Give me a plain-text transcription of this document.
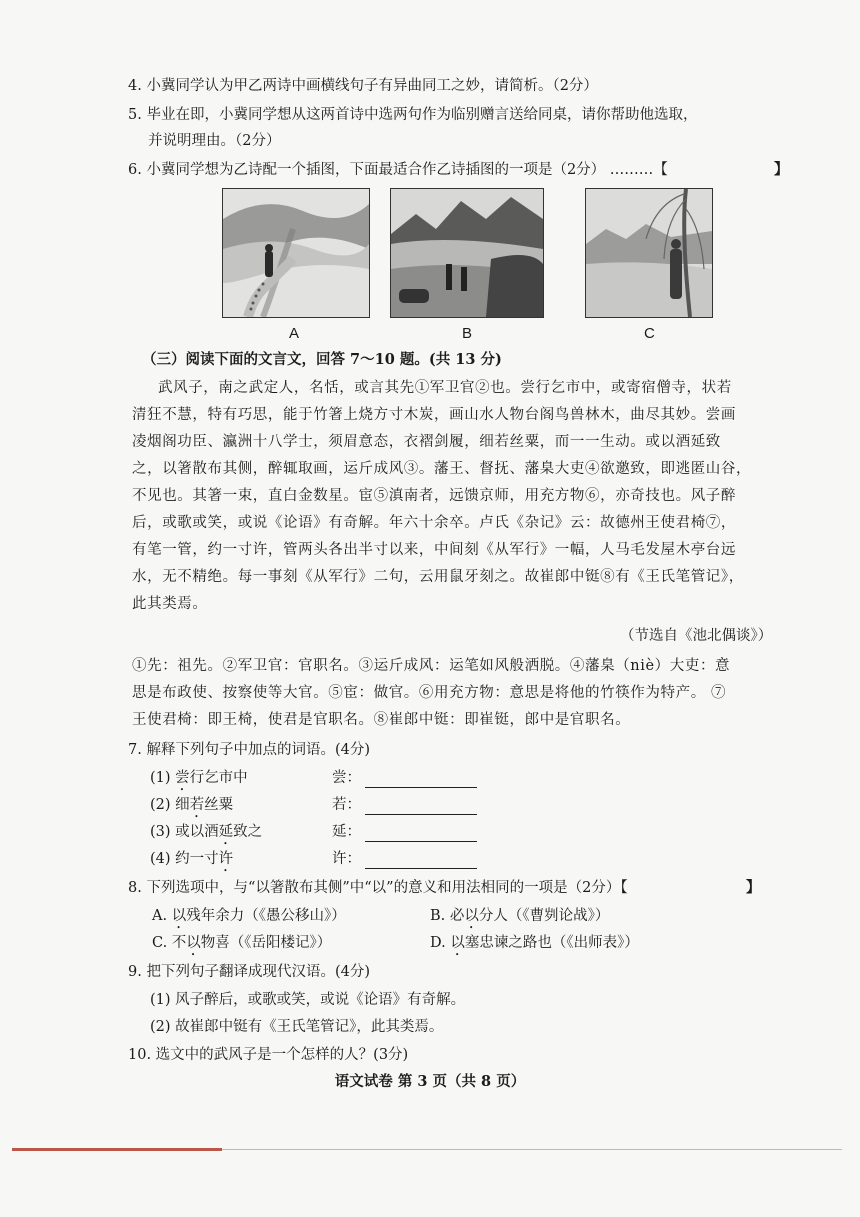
4. 小冀同学认为甲乙两诗中画横线句子有异曲同工之妙，请简析。（2分）
5. 毕业在即，小冀同学想从这两首诗中选两句作为临别赠言送给同桌，请你帮助他选取，
并说明理由。（2分）
6. 小冀同学想为乙诗配一个插图，下面最适合作乙诗插图的一项是（2分） ………【	】
A	B	C
（三）阅读下面的文言文，回答 7～10 题。(共 13 分)
武风子，南之武定人，名恬，或言其先①军卫官②也。尝行乞市中，或寄宿僧寺，状若
清狂不慧，特有巧思，能于竹箸上烧方寸木炭，画山水人物台阁鸟兽林木，曲尽其妙。尝画
凌烟阁功臣、瀛洲十八学士，须眉意态，衣褶剑履，细若丝粟，而一一生动。或以酒延致
之，以箸散布其侧，醉辄取画，运斤成风③。藩王、督抚、藩臬大吏④欲邀致，即逃匿山谷，
不见也。其箸一束，直白金数星。宦⑤滇南者，远馈京师，用充方物⑥，亦奇技也。风子醉
后，或歌或笑，或说《论语》有奇解。年六十余卒。卢氏《杂记》云：故德州王使君椅⑦，
有笔一管，约一寸许，管两头各出半寸以来，中间刻《从军行》一幅，人马毛发屋木亭台远
水，无不精绝。每一事刻《从军行》二句，云用鼠牙刻之。故崔郎中铤⑧有《王氏笔管记》，
此其类焉。
（节选自《池北偶谈》）
①先：祖先。②军卫官：官职名。③运斤成风：运笔如风般洒脱。④藩臬（niè）大吏：意
思是布政使、按察使等大官。⑤宦：做官。⑥用充方物：意思是将他的竹筷作为特产。 ⑦
王使君椅：即王椅，使君是官职名。⑧崔郎中铤：即崔铤，郎中是官职名。
7. 解释下列句子中加点的词语。(4分)
(1) 尝行乞市中	尝：
(2) 细若丝粟	若：
(3) 或以酒延致之	延：
(4) 约一寸许	许：
8. 下列选项中，与“以箸散布其侧”中“以”的意义和用法相同的一项是（2分）【	】
A. 以残年余力（《愚公移山》）	B. 必以分人（《曹刿论战》）
C. 不以物喜（《岳阳楼记》）	D. 以塞忠谏之路也（《出师表》）
9. 把下列句子翻译成现代汉语。(4分)
(1) 风子醉后，或歌或笑，或说《论语》有奇解。
(2) 故崔郎中铤有《王氏笔管记》，此其类焉。
10. 选文中的武风子是一个怎样的人？(3分)
语文试卷 第 3 页（共 8 页）
